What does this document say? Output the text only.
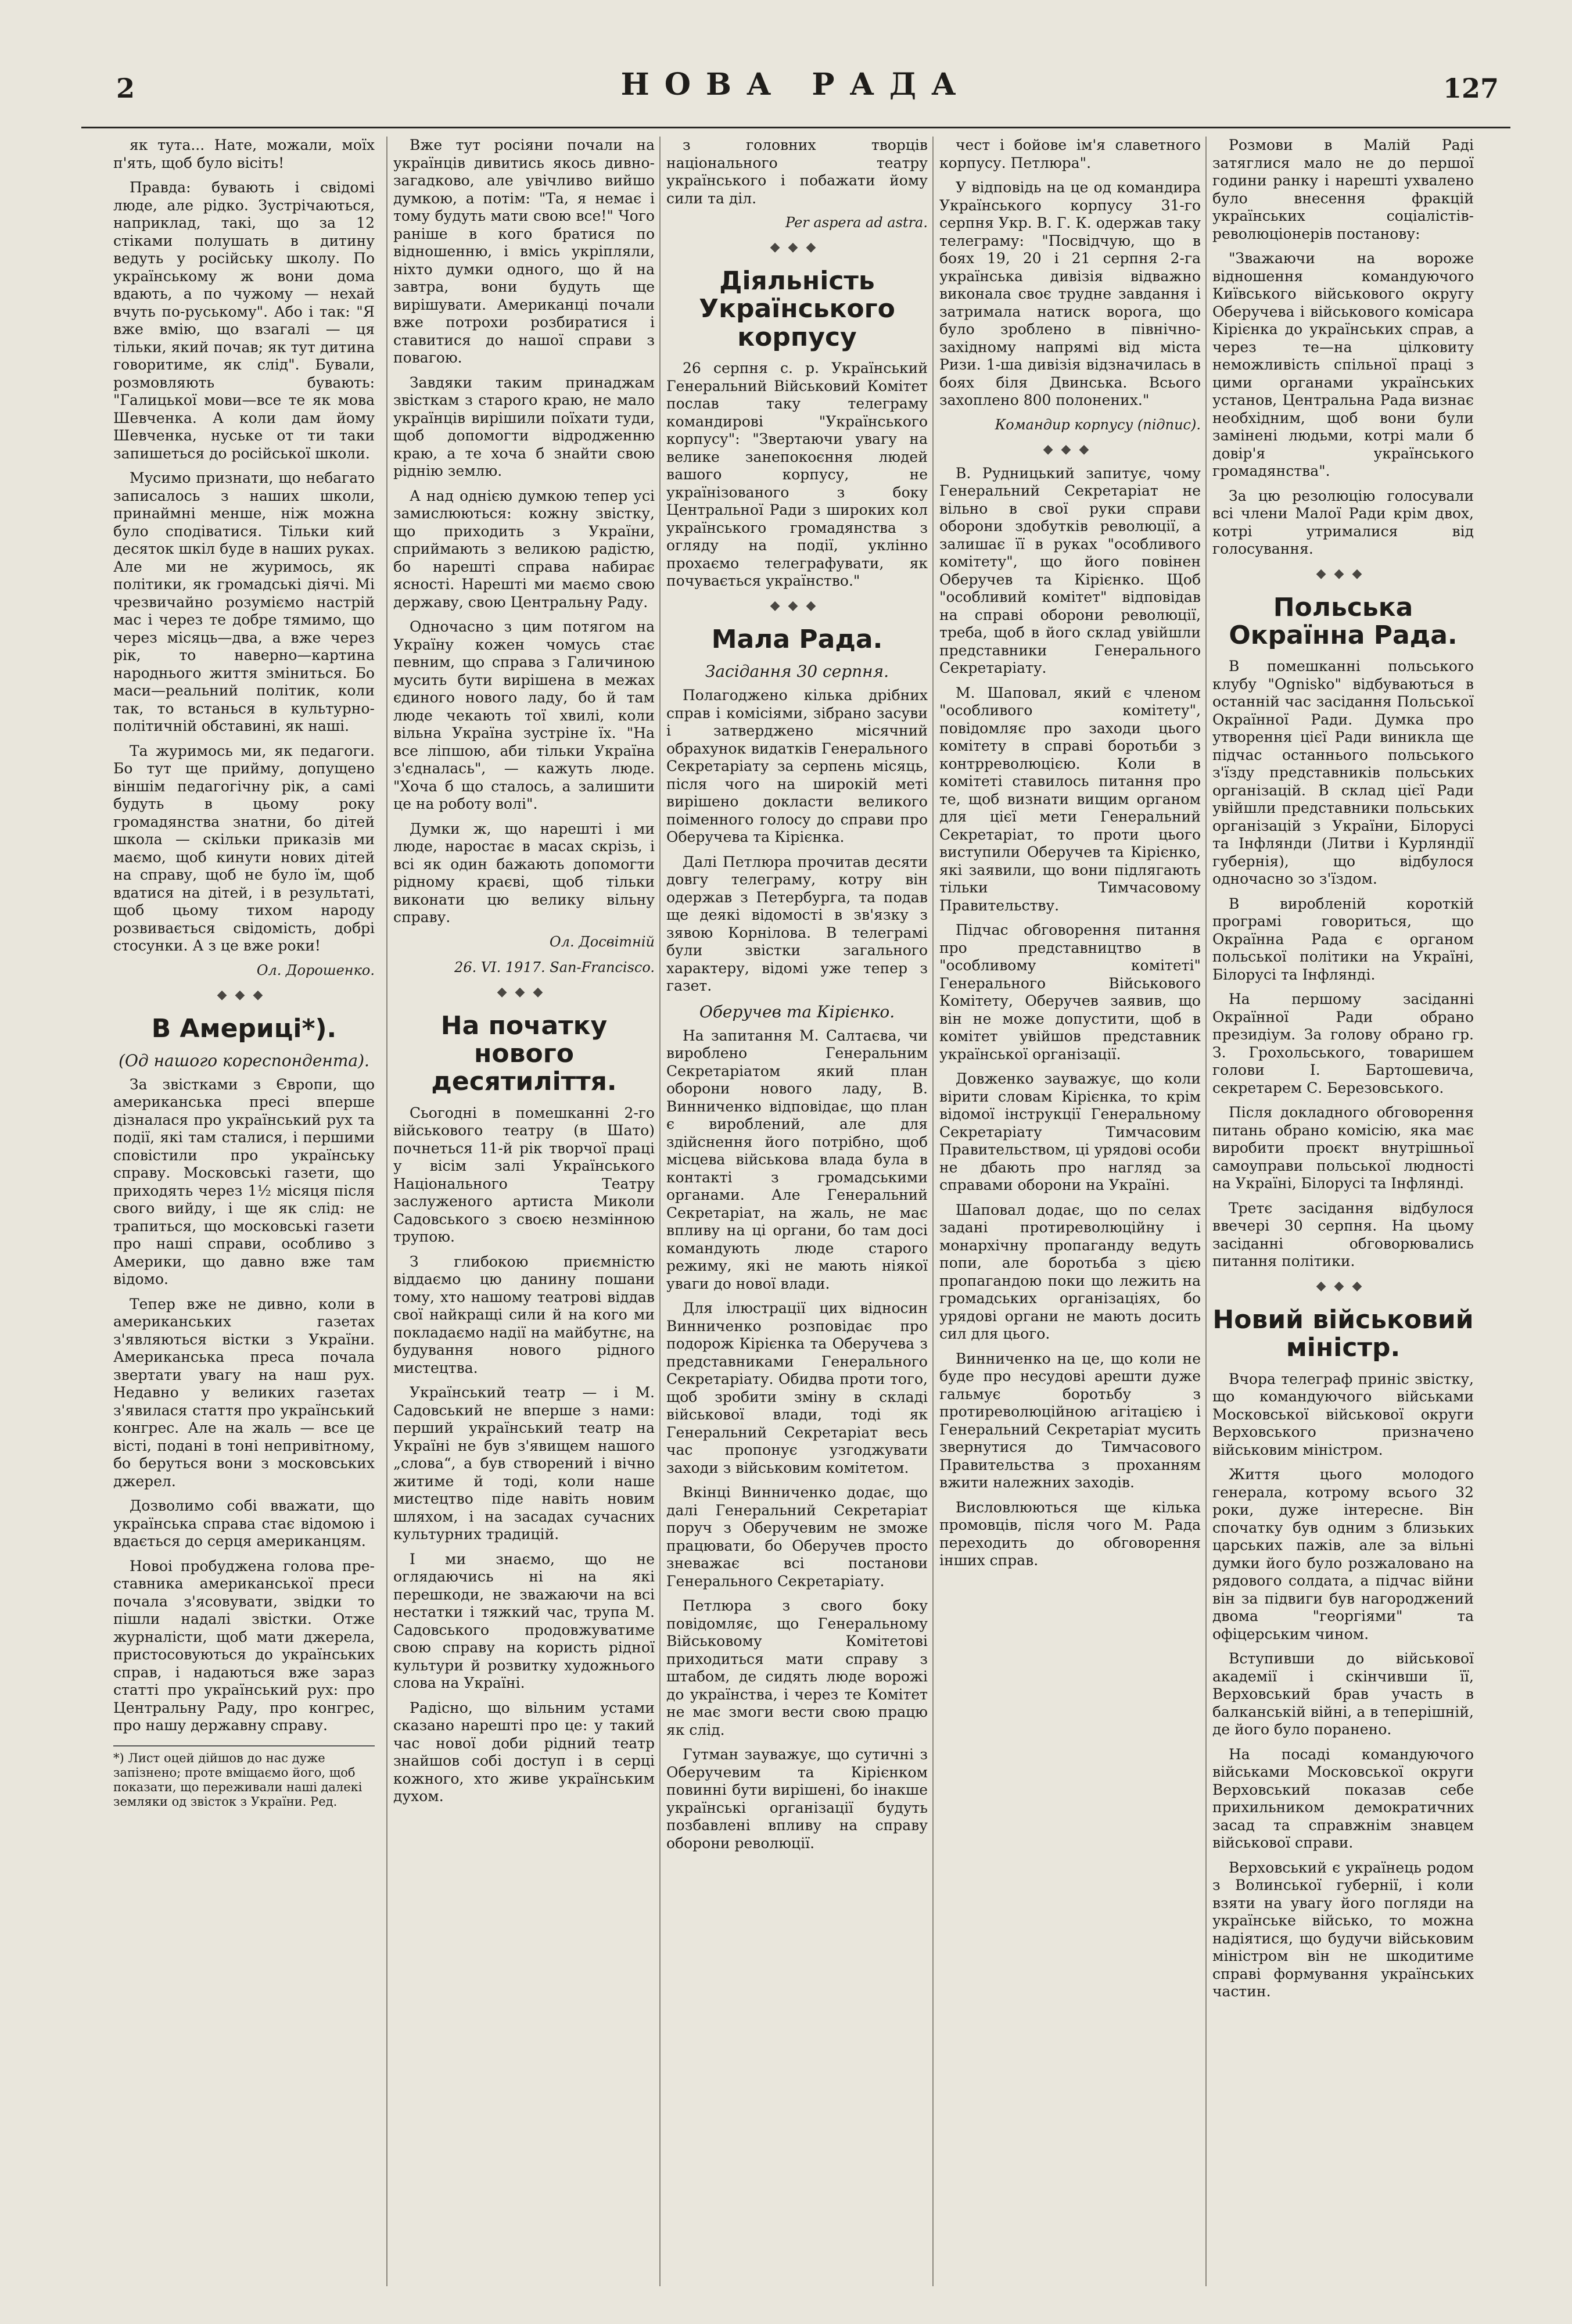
2	НОВА РАДА	127

як тута... Нате, можали, моїх п'ять, щоб було вісіть!

Правда: бувають і свідомі люде, але рідко. Зустрічаються, наприклад, такі, що за 12 стіками полушать в дитину ведуть у російську школу. По українському ж вони дома вдають, а по чужому — нехай вчуть по-руському". Або і так: "Я вже вмію, що взагалі — ця тільки, який почав; як тут дитина говоритиме, як слід". Бували, розмовляють бувають: "Галицької мови—все те як мова Шевченка. А коли дам йому Шевченка, нуське от ти таки запишеться до російської школи.

Мусимо признати, що небагато записалось з наших школи, принаймні менше, ніж можна було сподіватися. Тільки кий десяток шкіл буде в наших руках. Але ми не журимось, як політики, як громадські діячі. Мі чрезвичайно розуміємо настрій мас і через те добре тямимо, що через місяць—два, а вже через рік, то наверно—картина народнього життя зміниться. Бо маси—реальний політик, коли так, то встанься в культурно-політичній обставині, як наші.

Та журимось ми, як педагоги. Бо тут ще прийму, допущено віншім педагогічну рік, а самі будуть в цьому року громадянства знатни, бо дітей школа — скільки приказів ми маємо, щоб кинути нових дітей на справу, щоб не було їм, щоб вдатися на дітей, і в результаті, щоб цьому тихом народу розвивається свідомість, добрі стосунки. А з це вже роки!

Ол. Дорошенко.
◆◆◆
В Америці*).
(Од нашого кореспондента).

За звістками з Європи, що американська пресі вперше дізналася про український рух та події, які там сталися, і першими сповістили про українську справу. Московські газети, що приходять через 1½ місяця після свого вийду, і ще як слід: не трапиться, що московські газети про наші справи, особливо з Америки, що давно вже там відомо.

Тепер вже не дивно, коли в американських газетах з'являються вістки з України. Американська преса почала звертати увагу на наш рух. Недавно у великих газетах з'явилася стаття про український конгрес. Але на жаль — все це вісті, подані в тоні непривітному, бо беруться вони з московських джерел.

Дозволимо собі вважати, що українська справа стає відомою і вдається до серця американцям.

Новоі пробуджена голова пре-ставника американської преси почала з'ясовувати, звідки то пішли надалі звістки. Отже журналісти, щоб мати джерела, пристосовуються до українських справ, і надаються вже зараз статті про український рух: про Центральну Раду, про конгрес, про нашу державну справу.

*) Лист оцей дійшов до нас дуже запізнено; проте вміщаємо його, щоб показати, що переживали наші далекі земляки од звісток з України. Ред.

Вже тут росіяни почали на українців дивитись якось дивно-загадково, але увічливо вийшо думкою, а потім: "Та, я немає і тому будуть мати свою все!" Чого раніше в кого братися по відношенню, і вмісь укріпляли, ніхто думки одного, що й на завтра, вони будуть ще вирішувати. Американці почали вже потрохи розбиратися і ставитися до нашої справи з повагою.

Завдяки таким принаджам звісткам з старого краю, не мало українців вирішили поїхати туди, щоб допомогти відродженню краю, а те хоча б знайти свою ріднію землю.

А над однією думкою тепер усі замислюються: кожну звістку, що приходить з України, сприймають з великою радістю, бо нарешті справа набирає ясності. Нарешті ми маємо свою державу, свою Центральну Раду.

Одночасно з цим потягом на Україну кожен чомусь стає певним, що справа з Галичиною мусить бути вирішена в межах єдиного нового ладу, бо й там люде чекають тої хвилі, коли вільна Україна зустріне їх. "На все ліпшою, аби тільки Україна з'єдналась", — кажуть люде. "Хоча б що сталось, а залишити це на роботу волі".

Думки ж, що нарешті і ми люде, наростає в масах скрізь, і всі як один бажають допомогти рідному краєві, щоб тільки виконати цю велику вільну справу.

Ол. Досвітній
26. VI. 1917. San-Francisco.
◆◆◆
На початку нового десятиліття.

Сьогодні в помешканні 2-го військового театру (в Шато) почнеться 11-й рік творчої праці у вісім залі Українського Національного Театру заслуженого артиста Миколи Садовського з своєю незмінною трупою.

З глибокою приємністю віддаємо цю данину пошани тому, хто нашому театрові віддав свої найкращі сили й на кого ми покладаємо надії на майбутнє, на будування нового рідного мистецтва.

Український театр — і М. Садовський не вперше з нами: перший український театр на Україні не був з'явищем нашого „слова“, а був створений і вічно житиме й тоді, коли наше мистецтво піде навіть новим шляхом, і на засадах сучасних культурних традицій.

І ми знаємо, що не оглядаючись ні на які перешкоди, не зважаючи на всі нестатки і тяжкий час, трупа М. Садовського продовжуватиме свою справу на користь рідної культури й розвитку художнього слова на Україні.

Радісно, що вільним устами сказано нарешті про це: у такий час нової доби рідний театр знайшов собі доступ і в серці кожного, хто живе українським духом.

з головних творців національного театру українського і побажати йому сили та діл.

Per aspera ad astra.
◆◆◆
Діяльність Українського корпусу

26 серпня с. р. Український Генеральний Військовий Комітет послав таку телеграму командирові "Українського корпусу": "Звертаючи увагу на велике занепокоєння людей вашого корпусу, не українізованого з боку Центральної Ради з широких кол українського громадянства з огляду на події, уклінно прохаємо телеграфувати, як почувається українство."

◆◆◆
Мала Рада.
Засідання 30 серпня.

Полагоджено кілька дрібних справ і комісіями, зібрано засуви і затверджено місячний обрахунок видатків Генерального Секретаріату за серпень місяць, після чого на широкій меті вирішено докласти великого поіменного голосу до справи про Оберучева та Кірієнка.

Далі Петлюра прочитав десяти довгу телеграму, котру він одержав з Петербурга, та подав ще деякі відомості в зв'язку з зявою Корнілова. В телеграмі були звістки загального характеру, відомі уже тепер з газет.

Оберучев та Кірієнко.

На запитання М. Салтаєва, чи вироблено Генеральним Секретаріатом який план оборони нового ладу, В. Винниченко відповідає, що план є вироблений, але для здійснення його потрібно, щоб місцева військова влада була в контакті з громадськими органами. Але Генеральний Секретаріат, на жаль, не має впливу на ці органи, бо там досі командують люде старого режиму, які не мають ніякої уваги до нової влади.

Для ілюстрації цих відносин Винниченко розповідає про подорож Кірієнка та Оберучева з представниками Генерального Секретаріату. Обидва проти того, щоб зробити зміну в складі військової влади, тоді як Генеральний Секретаріат весь час пропонує узгоджувати заходи з військовим комітетом.

Вкінці Винниченко додає, що далі Генеральний Секретаріат поруч з Оберучевим не зможе працювати, бо Оберучев просто зневажає всі постанови Генерального Секретаріату.

Петлюра з свого боку повідомляє, що Генеральному Військовому Комітетові приходиться мати справу з штабом, де сидять люде ворожі до українства, і через те Комітет не має змоги вести свою працю як слід.

Гутман зауважує, що сутичні з Оберучевим та Кірієнком повинні бути вирішені, бо інакше українські організації будуть позбавлені впливу на справу оборони революції.

чест і бойове ім'я славетного корпусу. Петлюра".

У відповідь на це од командира Українського корпусу 31-го серпня Укр. В. Г. К. одержав таку телеграму: "Посвідчую, що в боях 19, 20 і 21 серпня 2-га українська дивізія відважно виконала своє трудне завдання і затримала натиск ворога, що було зроблено в північно-західному напрямі від міста Ризи. 1-ша дивізія відзначилась в боях біля Двинська. Всього захоплено 800 полонених."

Командир корпусу (підпис).
◆◆◆

В. Рудницький запитує, чому Генеральний Секретаріат не вільно в свої руки справи оборони здобутків революції, а залишає її в руках "особливого комітету", що його повінен Оберучев та Кірієнко. Щоб "особливий комітет" відповідав на справі оборони революції, треба, щоб в його склад увійшли представники Генерального Секретаріату.

М. Шаповал, який є членом "особливого комітету", повідомляє про заходи цього комітету в справі боротьби з контрреволюцією. Коли в комітеті ставилось питання про те, щоб визнати вищим органом для цієї мети Генеральний Секретаріат, то проти цього виступили Оберучев та Кірієнко, які заявили, що вони підлягають тільки Тимчасовому Правительству.

Підчас обговорення питання про представництво в "особливому комітеті" Генерального Військового Комітету, Оберучев заявив, що він не може допустити, щоб в комітет увійшов представник української організації.

Довженко зауважує, що коли вірити словам Кірієнка, то крім відомої інструкції Генеральному Секретаріату Тимчасовим Правительством, ці урядові особи не дбають про нагляд за справами оборони на Україні.

Шаповал додає, що по селах задані протиреволюційну і монархічну пропаганду ведуть попи, але боротьба з цією пропагандою поки що лежить на громадських організаціях, бо урядові органи не мають досить сил для цього.

Винниченко на це, що коли не буде про несудові арешти дуже гальмує боротьбу з протиреволюційною агітацією і Генеральний Секретаріат мусить звернутися до Тимчасового Правительства з проханням вжити належних заходів.

Висловлюються ще кілька промовців, після чого М. Рада переходить до обговорення інших справ.

Розмови в Малій Раді затяглися мало не до першої години ранку і нарешті ухвалено було внесення фракцій українських соціалістів-революціонерів постанову:

"Зважаючи на вороже відношення командуючого Київського військового округу Оберучева і військового комісара Кірієнка до українських справ, а через те—на цілковиту неможливість спільної праці з цими органами українських установ, Центральна Рада визнає необхідним, щоб вони були замінені людьми, котрі мали б довір'я українського громадянства".

За цю резолюцію голосували всі члени Малої Ради крім двох, котрі утрималися від голосування.

◆◆◆
Польська Окраїнна Рада.

В помешканні польського клубу "Ognisko" відбуваються в останній час засідання Польської Окраїнної Ради. Думка про утворення цієї Ради виникла ще підчас останнього польського з'їзду представників польських організацій. В склад цієї Ради увійшли представники польських організацій з України, Білорусі та Інфлянди (Литви і Курляндії губернія), що відбулося одночасно зо з'їздом.

В виробленій короткій програмі говориться, що Окраїнна Рада є органом польської політики на Україні, Білорусі та Інфлянді.

На першому засіданні Окраїнної Ради обрано президіум. За голову обрано гр. З. Грохольського, товаришем голови І. Бартошевича, секретарем С. Березовського.

Після докладного обговорення питань обрано комісію, яка має виробити проєкт внутрішньої самоуправи польської людності на Україні, Білорусі та Інфлянді.

Третє засідання відбулося ввечері 30 серпня. На цьому засіданні обговорювались питання політики.

◆◆◆
Новий військовий міністр.

Вчора телеграф приніс звістку, що командуючого військами Московської військової округи Верховського призначено військовим міністром.

Життя цього молодого генерала, котрому всього 32 роки, дуже інтересне. Він спочатку був одним з близьких царських пажів, але за вільні думки його було розжаловано на рядового солдата, а підчас війни він за підвиги був нагороджений двома "георгіями" та офіцерським чином.

Вступивши до військової академії і скінчивши її, Верховський брав участь в балканській війні, а в теперішній, де його було поранено.

На посаді командуючого військами Московської округи Верховський показав себе прихильником демократичних засад та справжнім знавцем військової справи.

Верховський є українець родом з Волинської губернії, і коли взяти на увагу його погляди на українське військо, то можна надіятися, що будучи військовим міністром він не шкодитиме справі формування українських частин.
